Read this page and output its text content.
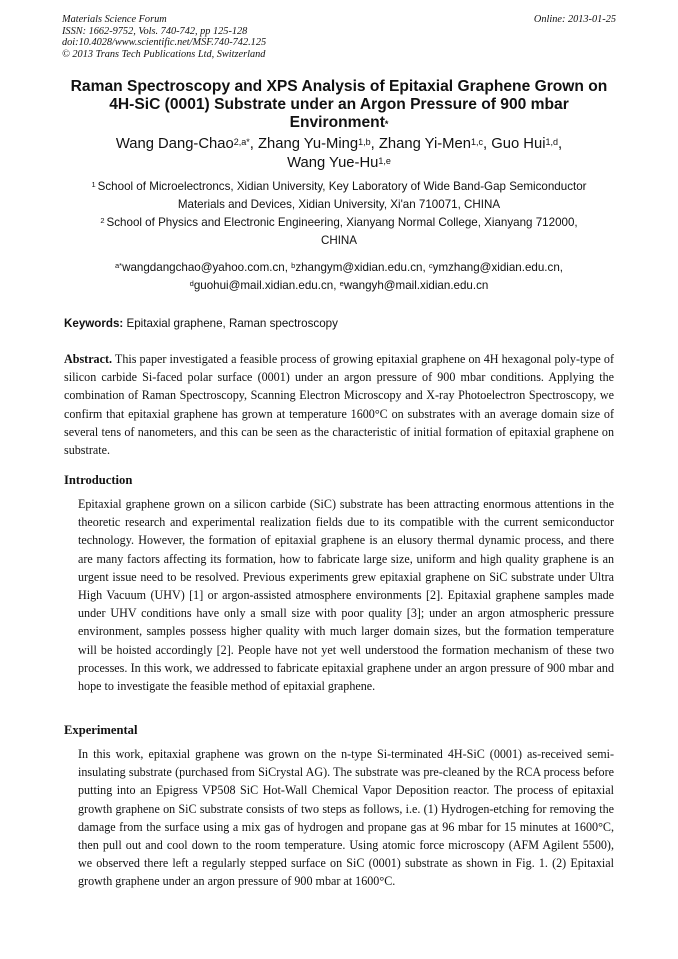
Materials Science Forum
ISSN: 1662-9752, Vols. 740-742, pp 125-128
doi:10.4028/www.scientific.net/MSF.740-742.125
© 2013 Trans Tech Publications Ltd, Switzerland
Online: 2013-01-25
Raman Spectroscopy and XPS Analysis of Epitaxial Graphene Grown on
4H-SiC (0001) Substrate under an Argon Pressure of 900 mbar
Environment*
Wang Dang-Chao$^{2,a*}$, Zhang Yu-Ming$^{1,b}$, Zhang Yi-Men$^{1,c}$, Guo Hui$^{1,d}$,
Wang Yue-Hu$^{1,e}$
$^1$ School of Microelectroncs, Xidian University, Key Laboratory of Wide Band-Gap Semiconductor
Materials and Devices, Xidian University, Xi'an 710071, CHINA
$^2$ School of Physics and Electronic Engineering, Xianyang Normal College, Xianyang 712000,
CHINA
$^{a*}$wangdangchao@yahoo.com.cn, $^b$zhangym@xidian.edu.cn, $^c$ymzhang@xidian.edu.cn,
$^d$guohui@mail.xidian.edu.cn, $^e$wangyh@mail.xidian.edu.cn
Keywords: Epitaxial graphene, Raman spectroscopy
Abstract. This paper investigated a feasible process of growing epitaxial graphene on 4H hexagonal poly-type of silicon carbide Si-faced polar surface (0001) under an argon pressure of 900 mbar conditions. Applying the combination of Raman Spectroscopy, Scanning Electron Microscopy and X-ray Photoelectron Spectroscopy, we confirm that epitaxial graphene has grown at temperature 1600°C on substrates with an average domain size of several tens of nanometers, and this can be seen as the characteristic of initial formation of epitaxial graphene on substrate.
Introduction
Epitaxial graphene grown on a silicon carbide (SiC) substrate has been attracting enormous attentions in the theoretic research and experimental realization fields due to its compatible with the current semiconductor technology. However, the formation of epitaxial graphene is an elusory thermal dynamic process, and there are many factors affecting its formation, how to fabricate large size, uniform and high quality graphene is an urgent issue need to be resolved. Previous experiments grew epitaxial graphene on SiC substrate under Ultra High Vacuum (UHV) [1] or argon-assisted atmosphere environments [2]. Epitaxial graphene samples made under UHV conditions have only a small size with poor quality [3]; under an argon atmospheric pressure environment, samples possess higher quality with much larger domain sizes, but the formation temperature will be hoisted accordingly [2]. People have not yet well understood the formation mechanism of these two processes. In this work, we addressed to fabricate epitaxial graphene under an argon pressure of 900 mbar and hope to investigate the feasible method of epitaxial graphene.
Experimental
In this work, epitaxial graphene was grown on the n-type Si-terminated 4H-SiC (0001) as-received semi-insulating substrate (purchased from SiCrystal AG). The substrate was pre-cleaned by the RCA process before putting into an Epigress VP508 SiC Hot-Wall Chemical Vapor Deposition reactor. The process of epitaxial growth graphene on SiC substrate consists of two steps as follows, i.e. (1) Hydrogen-etching for removing the damage from the surface using a mix gas of hydrogen and propane gas at 96 mbar for 15 minutes at 1600°C, then pull out and cool down to the room temperature. Using atomic force microscopy (AFM Agilent 5500), we observed there left a regularly stepped surface on SiC (0001) substrate as shown in Fig. 1. (2) Epitaxial growth graphene under an argon pressure of 900 mbar at 1600°C.
